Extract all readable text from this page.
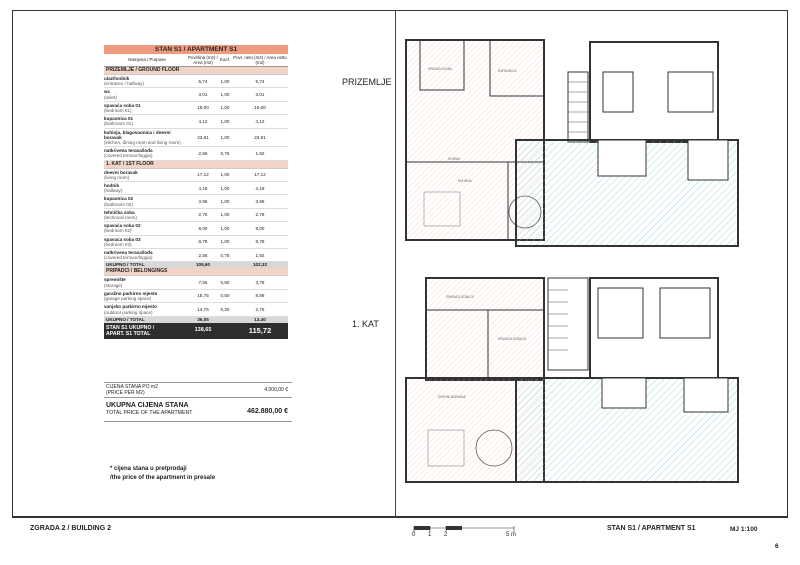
STAN S1 / APARTMENT S1
Namjena / Purpose
Površina (m2) / Area (m2)
Koef.
Povr. neto (m2) / Area netto (m2)
PRIZEMLJE / GROUND FLOOR
ulaz/hodnik
(entrance / hallway)
5,74	1,00	5,74
wc
(toilet)
3,01	1,00	3,01
spavaća soba 01
(bedroom 01)
15,00	1,00	15,00
kupaonica 01
(bathroom 01)
4,12	1,00	4,12
kuhinja, blagovaonica i dnevni boravak
(kitchen, dining room and living room)
23,81	1,00	23,81
natkrivena terasa/lođa
(covered terrace/loggia)
2,56	0,75	1,92
1. KAT / 1ST FLOOR
dnevni boravak
(living room)
17,12	1,00	17,12
hodnik
(hallway)
4,18	1,00	4,18
kupaonica 02
(bathroom 02)
3,96	1,00	3,96
tehnička soba
(technical room)
2,76	1,00	2,76
spavaća soba 02
(bedroom 02)
8,00	1,00	8,00
spavaća soba 03
(bedroom 03)
8,78	1,00	8,78
natkrivena terasa/lođa
(covered terrace/loggia)
2,56	0,75	1,92
UKUPNO / TOTAL	105,60	102,32
PRIPADCI / BELONGINGS
spremište
(storage)
7,55	0,50	3,78
garažno parkirno mjesto
(garage parking space)
15,75	0,50	8,88
vanjsko parkirno mjesto
(outdoor parking space)
13,75	0,20	2,75
UKUPNO / TOTAL	36,05	13,40
STAN S1 UKUPNO /
APART. S1 TOTAL
138,65	115,72
CIJENA STANA PO m2
(PRICE PER M2)	4.000,00 €
UKUPNA CIJENA STANA
TOTAL PRICE OF THE APARTMENT	462.880,00 €
* cijena stana u pretprodaji
/the price of the apartment in presale
PRIZEMLJE
1. KAT
SPAVAĆA SOBA	KUPAONICA
HODNIK
KUHINJA
SPAVAĆA SOBA 02
SPAVAĆA SOBA 03
DNEVNI BORAVAK
ZGRADA 2 / BUILDING 2	STAN S1 / APARTMENT S1	MJ 1:100
6
0 1 2	5 m
